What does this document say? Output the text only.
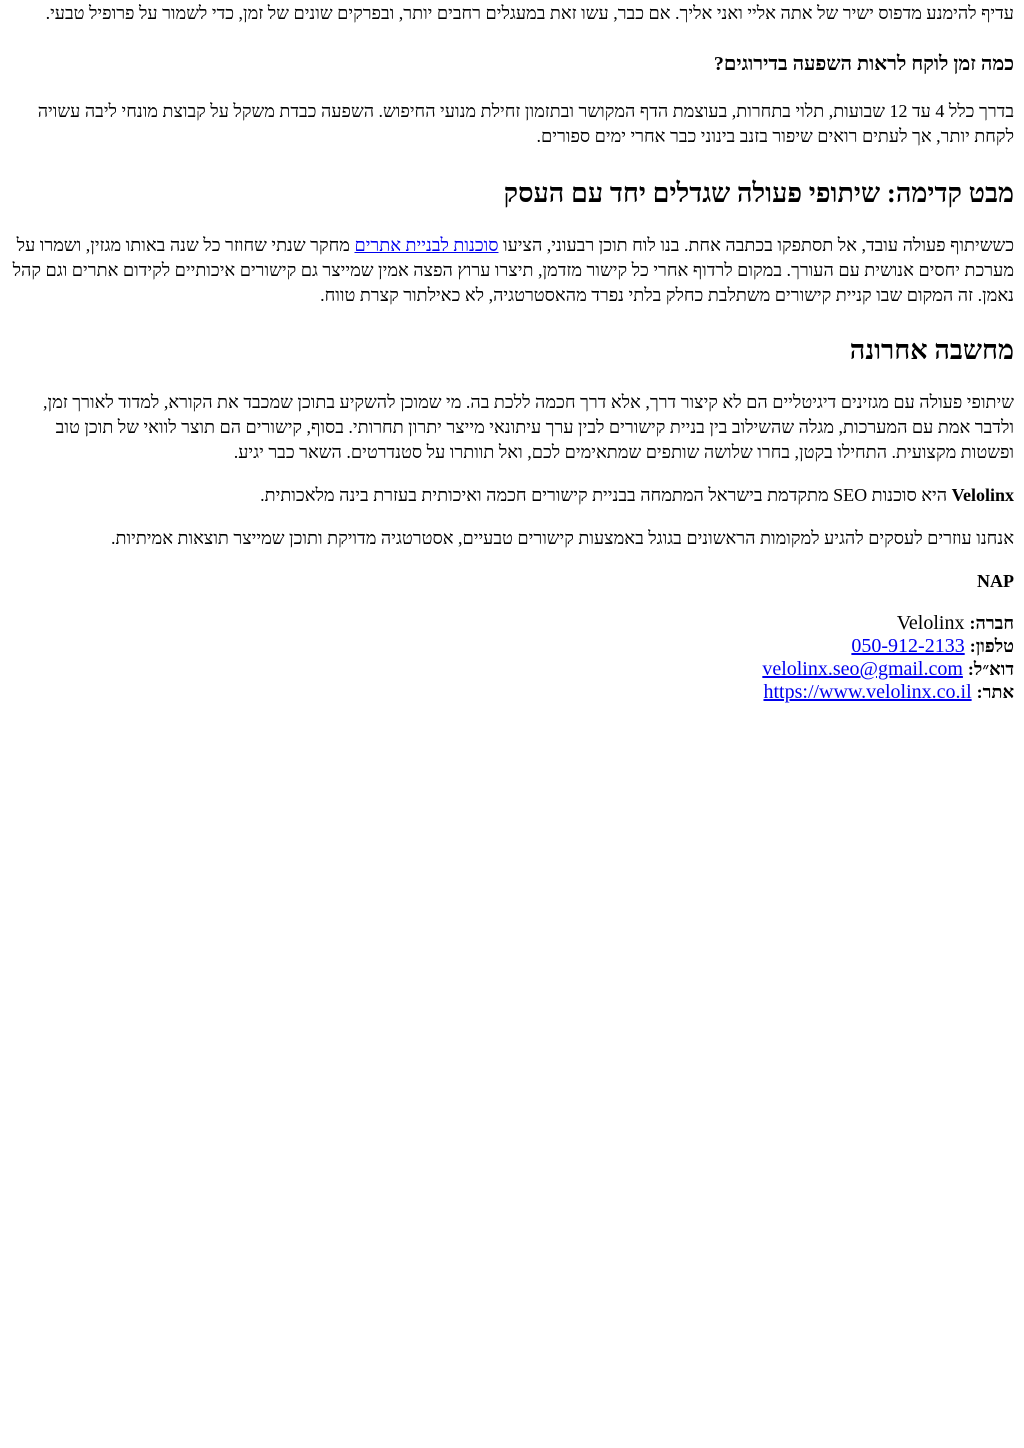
עדיף להימנע מדפוס ישיר של אתה אליי ואני אליך. אם כבר, עשו זאת במעגלים רחבים יותר, ובפרקים שונים של זמן, כדי לשמור על פרופיל טבעי.

כמה זמן לוקח לראות השפעה בדירוגים?

בדרך כלל 4 עד 12 שבועות, תלוי בתחרות, בעוצמת הדף המקושר ובתזמון זחילת מנועי החיפוש. השפעה כבדת משקל על קבוצת מונחי ליבה עשויה לקחת יותר, אך לעתים רואים שיפור בזנב בינוני כבר אחרי ימים ספורים.

מבט קדימה: שיתופי פעולה שגדלים יחד עם העסק

כששיתוף פעולה עובד, אל תסתפקו בכתבה אחת. בנו לוח תוכן רבעוני, הציעו סוכנות לבניית אתרים מחקר שנתי שחוזר כל שנה באותו מגזין, ושמרו על מערכת יחסים אנושית עם העורך. במקום לרדוף אחרי כל קישור מזדמן, תיצרו ערוץ הפצה אמין שמייצר גם קישורים איכותיים לקידום אתרים וגם קהל נאמן. זה המקום שבו קניית קישורים משתלבת כחלק בלתי נפרד מהאסטרטגיה, לא כאילתור קצרת טווח.

מחשבה אחרונה

שיתופי פעולה עם מגזינים דיגיטליים הם לא קיצור דרך, אלא דרך חכמה ללכת בה. מי שמוכן להשקיע בתוכן שמכבד את הקורא, למדוד לאורך זמן, ולדבר אמת עם המערכות, מגלה שהשילוב בין בניית קישורים לבין ערך עיתונאי מייצר יתרון תחרותי. בסוף, קישורים הם תוצר לוואי של תוכן טוב ופשטות מקצועית. התחילו בקטן, בחרו שלושה שותפים שמתאימים לכם, ואל תוותרו על סטנדרטים. השאר כבר יגיע.

Velolinx היא סוכנות SEO מתקדמת בישראל המתמחה בבניית קישורים חכמה ואיכותית בעזרת בינה מלאכותית.

אנחנו עוזרים לעסקים להגיע למקומות הראשונים בגוגל באמצעות קישורים טבעיים, אסטרטגיה מדויקת ותוכן שמייצר תוצאות אמיתיות.

NAP

חברה: Velolinx
טלפון: 050-912-2133
דוא״ל: velolinx.seo@gmail.com
אתר: https://www.velolinx.co.il
